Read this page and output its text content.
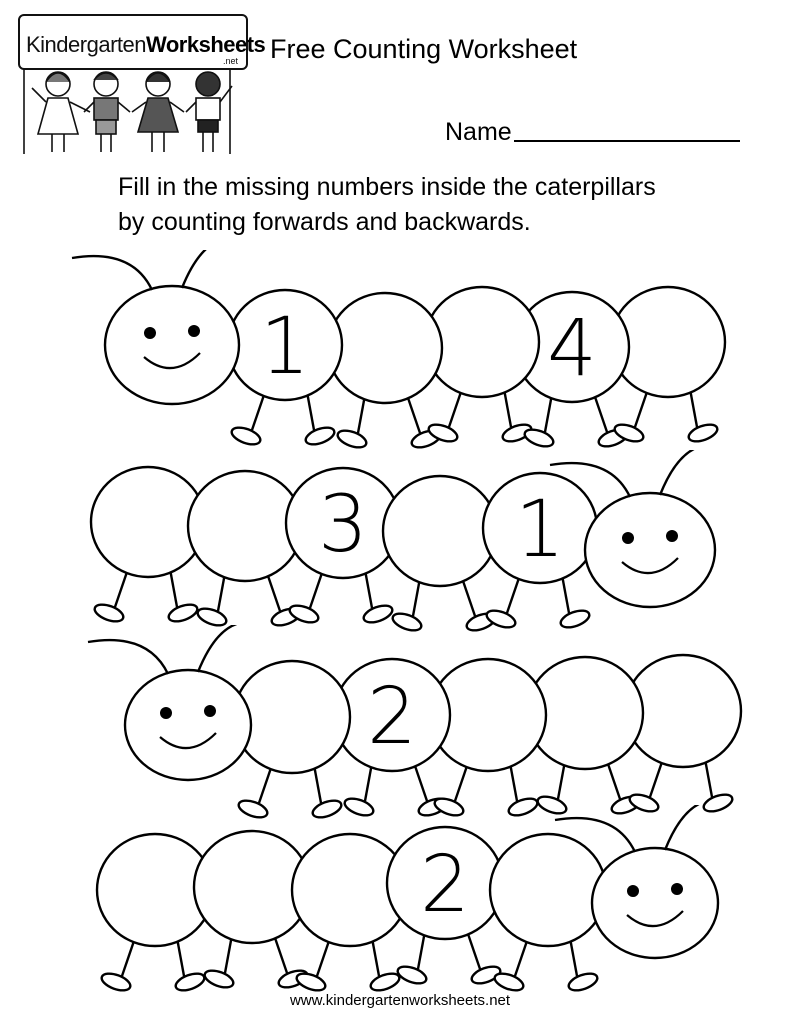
KindergartenWorksheets
.net Free Counting Worksheet
Name
Fill in the missing numbers inside the caterpillars
by counting forwards and backwards.
1	4
3 1
2
2
www.kindergartenworksheets.net
